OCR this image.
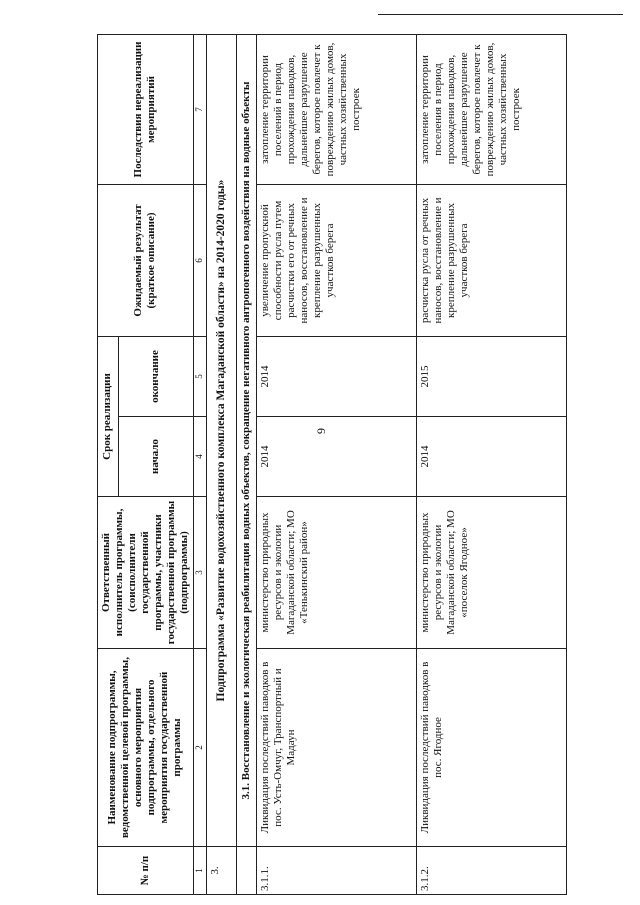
9
№ п/п	Наименование подпрограммы, ведомственной целевой программы, основного мероприятия подпрограммы, отдельного мероприятия государственной программы	Ответственный исполнитель программы, (соисполнители государственной программы, участники государственной программы (подпрограммы)	Срок реализации		Ожидаемый результат (краткое описание)	Последствия нереализации мероприятий
			начало	окончание		
1	2	3	4	5	6	7
3.	Подпрограмма «Развитие водохозяйственного комплекса Магаданской области» на 2014-2020 годы»					
	3.1. Восстановление и экологическая реабилитация водных объектов, сокращение негативного антропогенного воздействия на водные объекты					
3.1.1.	Ликвидация последствий паводков в пос. Усть-Омчуг, Транспортный и Мадаун	министерство природных ресурсов и экологии Магаданской области; МО «Тенькинский район»	2014	2014	увеличение пропускной способности русла путем расчистки его от речных наносов, восстановление и крепление разрушенных участков берега	затопление территории поселений в период прохождения паводков, дальнейшее разрушение берегов, которое повлечет к повреждению жилых домов, частных хозяйственных построек
3.1.2.	Ликвидация последствий паводков в пос. Ягодное	министерство природных ресурсов и экологии Магаданской области; МО «поселок Ягодное»	2014	2015	расчистка русла от речных наносов, восстановление и крепление разрушенных участков берега	затопление территории поселения в период прохождения паводков, дальнейшее разрушение берегов, которое повлечет к повреждению жилых домов, частных хозяйственных построек
